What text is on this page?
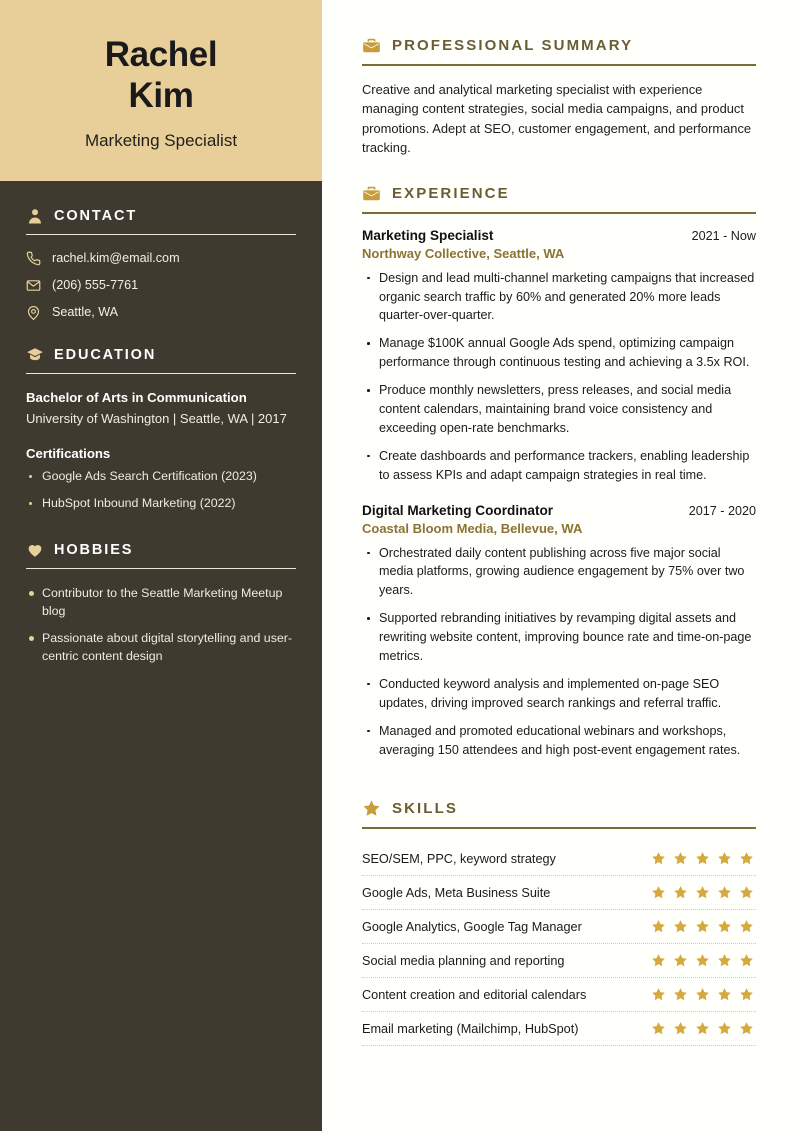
Rachel
Kim
Marketing Specialist
CONTACT
rachel.kim@email.com
(206) 555-7761
Seattle, WA
EDUCATION
Bachelor of Arts in Communication
University of Washington | Seattle, WA | 2017
Certifications
Google Ads Search Certification (2023)
HubSpot Inbound Marketing (2022)
HOBBIES
Contributor to the Seattle Marketing Meetup blog
Passionate about digital storytelling and user-centric content design
PROFESSIONAL SUMMARY

Creative and analytical marketing specialist with experience managing content strategies, social media campaigns, and product promotions. Adept at SEO, customer engagement, and performance tracking.

EXPERIENCE
Marketing Specialist	2021 - Now
Northway Collective, Seattle, WA
Design and lead multi-channel marketing campaigns that increased organic search traffic by 60% and generated 20% more leads quarter-over-quarter.
Manage $100K annual Google Ads spend, optimizing campaign performance through continuous testing and achieving a 3.5x ROI.
Produce monthly newsletters, press releases, and social media content calendars, maintaining brand voice consistency and exceeding open-rate benchmarks.
Create dashboards and performance trackers, enabling leadership to assess KPIs and adapt campaign strategies in real time.
Digital Marketing Coordinator	2017 - 2020
Coastal Bloom Media, Bellevue, WA
Orchestrated daily content publishing across five major social media platforms, growing audience engagement by 75% over two years.
Supported rebranding initiatives by revamping digital assets and rewriting website content, improving bounce rate and time-on-page metrics.
Conducted keyword analysis and implemented on-page SEO updates, driving improved search rankings and referral traffic.
Managed and promoted educational webinars and workshops, averaging 150 attendees and high post-event engagement rates.
SKILLS
SEO/SEM, PPC, keyword strategy
Google Ads, Meta Business Suite
Google Analytics, Google Tag Manager
Social media planning and reporting
Content creation and editorial calendars
Email marketing (Mailchimp, HubSpot)
